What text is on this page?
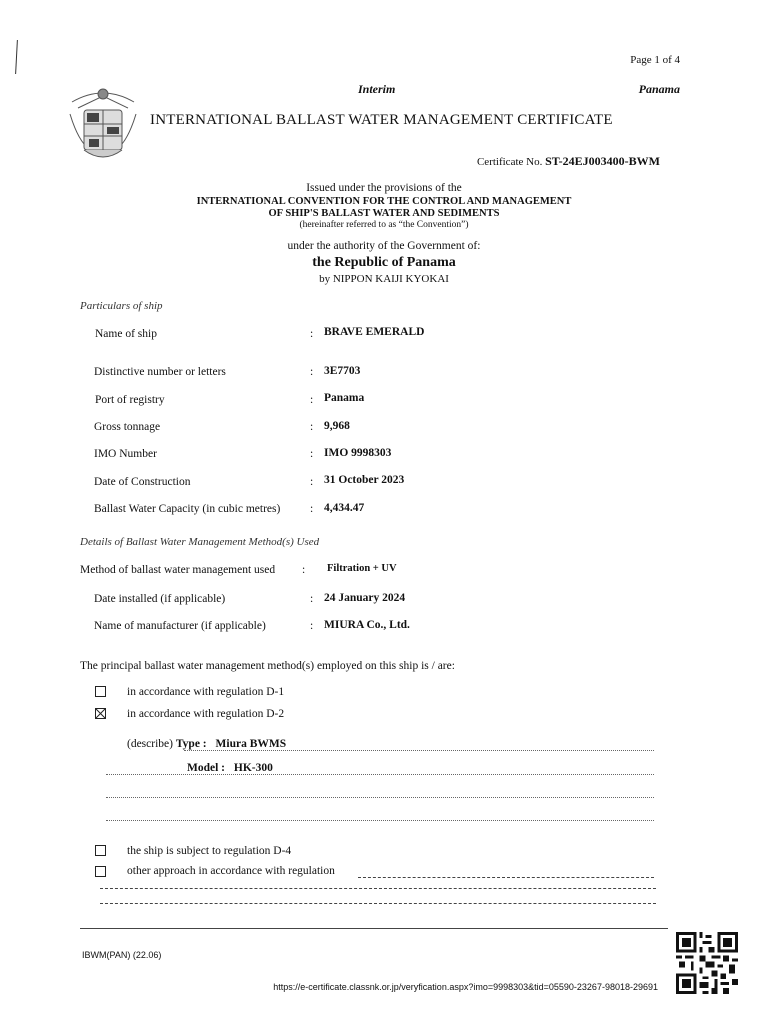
Page 1 of 4
Interim	Panama
INTERNATIONAL BALLAST WATER MANAGEMENT CERTIFICATE
Certificate No. ST-24EJ003400-BWM
Issued under the provisions of the
INTERNATIONAL CONVENTION FOR THE CONTROL AND MANAGEMENT
OF SHIP'S BALLAST WATER AND SEDIMENTS
(hereinafter referred to as “the Convention”)
under the authority of the Government of:
the Republic of Panama
by NIPPON KAIJI KYOKAI
Particulars of ship
Name of ship	: BRAVE EMERALD
Distinctive number or letters	: 3E7703
Port of registry	: Panama
Gross tonnage	: 9,968
IMO Number	: IMO 9998303
Date of Construction	: 31 October 2023
Ballast Water Capacity (in cubic metres)	: 4,434.47
Details of Ballast Water Management Method(s) Used
Method of ballast water management used : Filtration + UV
Date installed (if applicable)	: 24 January 2024
Name of manufacturer (if applicable)	: MIURA Co., Ltd.
The principal ballast water management method(s) employed on this ship is / are:
in accordance with regulation D-1
in accordance with regulation D-2
(describe) Type : Miura BWMS
Model : HK-300
the ship is subject to regulation D-4
other approach in accordance with regulation
IBWM(PAN) (22.06)
https://e-certificate.classnk.or.jp/veryfication.aspx?imo=9998303&tid=05590-23267-98018-29691
